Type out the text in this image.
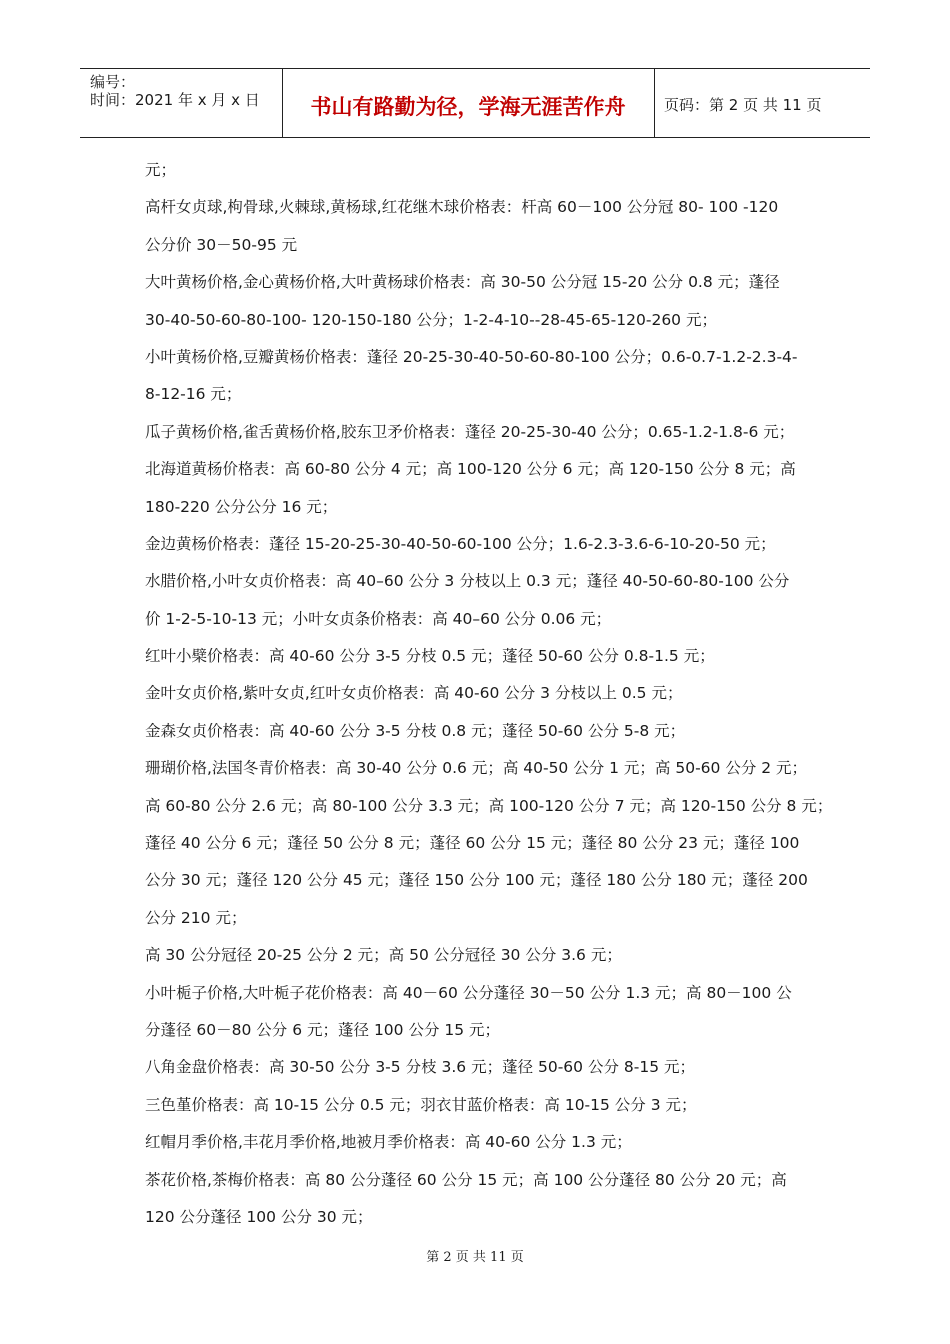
编号：
时间：2021 年 x 月 x 日	书山有路勤为径，学海无涯苦作舟	页码：第 2 页 共 11 页
元；
高杆女贞球,枸骨球,火棘球,黄杨球,红花继木球价格表：杆高 60－100 公分冠 80- 100 -120
公分价 30－50-95 元
大叶黄杨价格,金心黄杨价格,大叶黄杨球价格表：高 30-50 公分冠 15-20 公分 0.8 元；蓬径
30-40-50-60-80-100- 120-150-180 公分；1-2-4-10--28-45-65-120-260 元；
小叶黄杨价格,豆瓣黄杨价格表：蓬径 20-25-30-40-50-60-80-100 公分；0.6-0.7-1.2-2.3-4-
8-12-16 元；
瓜子黄杨价格,雀舌黄杨价格,胶东卫矛价格表：蓬径 20-25-30-40 公分；0.65-1.2-1.8-6 元；
北海道黄杨价格表：高 60-80 公分 4 元；高 100-120 公分 6 元；高 120-150 公分 8 元；高
180-220 公分公分 16 元；
金边黄杨价格表：蓬径 15-20-25-30-40-50-60-100 公分；1.6-2.3-3.6-6-10-20-50 元；
水腊价格,小叶女贞价格表：高 40–60 公分 3 分枝以上 0.3 元；蓬径 40-50-60-80-100 公分
价 1-2-5-10-13 元；小叶女贞条价格表：高 40–60 公分 0.06 元；
红叶小檗价格表：高 40-60 公分 3-5 分枝 0.5 元；蓬径 50-60 公分 0.8-1.5 元；
金叶女贞价格,紫叶女贞,红叶女贞价格表：高 40-60 公分 3 分枝以上 0.5 元；
金森女贞价格表：高 40-60 公分 3-5 分枝 0.8 元；蓬径 50-60 公分 5-8 元；
珊瑚价格,法国冬青价格表：高 30-40 公分 0.6 元；高 40-50 公分 1 元；高 50-60 公分 2 元；
高 60-80 公分 2.6 元；高 80-100 公分 3.3 元；高 100-120 公分 7 元；高 120-150 公分 8 元；
蓬径 40 公分 6 元；蓬径 50 公分 8 元；蓬径 60 公分 15 元；蓬径 80 公分 23 元；蓬径 100
公分 30 元；蓬径 120 公分 45 元；蓬径 150 公分 100 元；蓬径 180 公分 180 元；蓬径 200
公分 210 元；
高 30 公分冠径 20-25 公分 2 元；高 50 公分冠径 30 公分 3.6 元；
小叶栀子价格,大叶栀子花价格表：高 40－60 公分蓬径 30－50 公分 1.3 元；高 80－100 公
分蓬径 60－80 公分 6 元；蓬径 100 公分 15 元；
八角金盘价格表：高 30-50 公分 3-5 分枝 3.6 元；蓬径 50-60 公分 8-15 元；
三色堇价格表：高 10-15 公分 0.5 元；羽衣甘蓝价格表：高 10-15 公分 3 元；
红帽月季价格,丰花月季价格,地被月季价格表：高 40-60 公分 1.3 元；
茶花价格,茶梅价格表：高 80 公分蓬径 60 公分 15 元；高 100 公分蓬径 80 公分 20 元；高
120 公分蓬径 100 公分 30 元；
第 2 页 共 11 页
